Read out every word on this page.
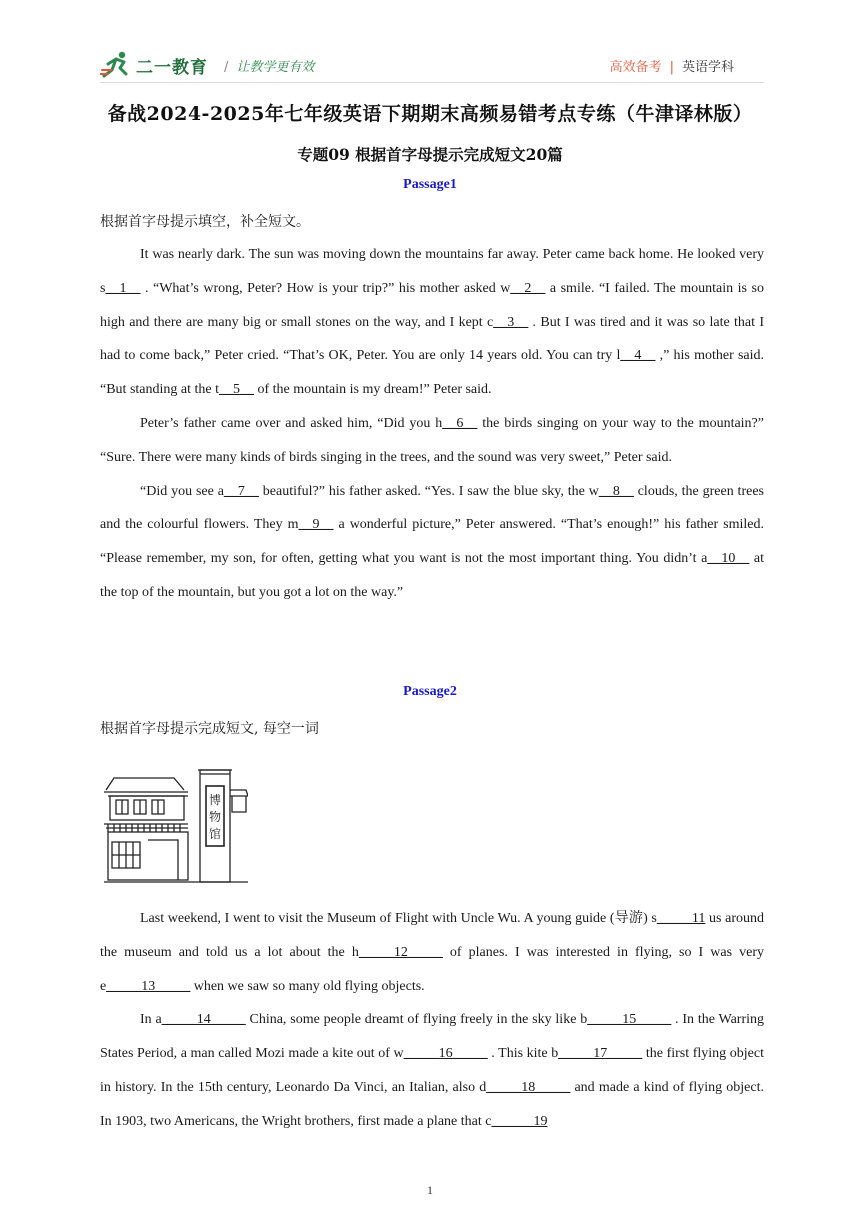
二一教育 / 让教学更有效	高效备考 | 英语学科
备战2024-2025年七年级英语下期期末高频易错考点专练（牛津译林版）
专题09 根据首字母提示完成短文20篇
Passage1
根据首字母提示填空，补全短文。

It was nearly dark. The sun was moving down the mountains far away. Peter came back home. He looked very s__1__ . “What’s wrong, Peter? How is your trip?” his mother asked w__2__ a smile. “I failed. The mountain is so high and there are many big or small stones on the way, and I kept c__3__ . But I was tired and it was so late that I had to come back,” Peter cried. “That’s OK, Peter. You are only 14 years old. You can try l__4__ ,” his mother said. “But standing at the t__5__ of the mountain is my dream!” Peter said.

Peter’s father came over and asked him, “Did you h__6__ the birds singing on your way to the mountain?” “Sure. There were many kinds of birds singing in the trees, and the sound was very sweet,” Peter said.

“Did you see a__7__ beautiful?” his father asked. “Yes. I saw the blue sky, the w__8__ clouds, the green trees and the colourful flowers. They m__9__ a wonderful picture,” Peter answered. “That’s enough!” his father smiled. “Please remember, my son, for often, getting what you want is not the most important thing. You didn’t a__10__ at the top of the mountain, but you got a lot on the way.”

Passage2
根据首字母提示完成短文, 每空一词
博
物
馆

Last weekend, I went to visit the Museum of Flight with Uncle Wu. A young guide (导游) s_____11 us around the museum and told us a lot about the h_____12_____ of planes. I was interested in flying, so I was very e_____13_____ when we saw so many old flying objects.

In a_____14_____ China, some people dreamt of flying freely in the sky like b_____15_____ . In the Warring States Period, a man called Mozi made a kite out of w_____16_____ . This kite b_____17_____ the first flying object in history. In the 15th century, Leonardo Da Vinci, an Italian, also d_____18_____ and made a kind of flying object. In 1903, two Americans, the Wright brothers, first made a plane that c______19

1
